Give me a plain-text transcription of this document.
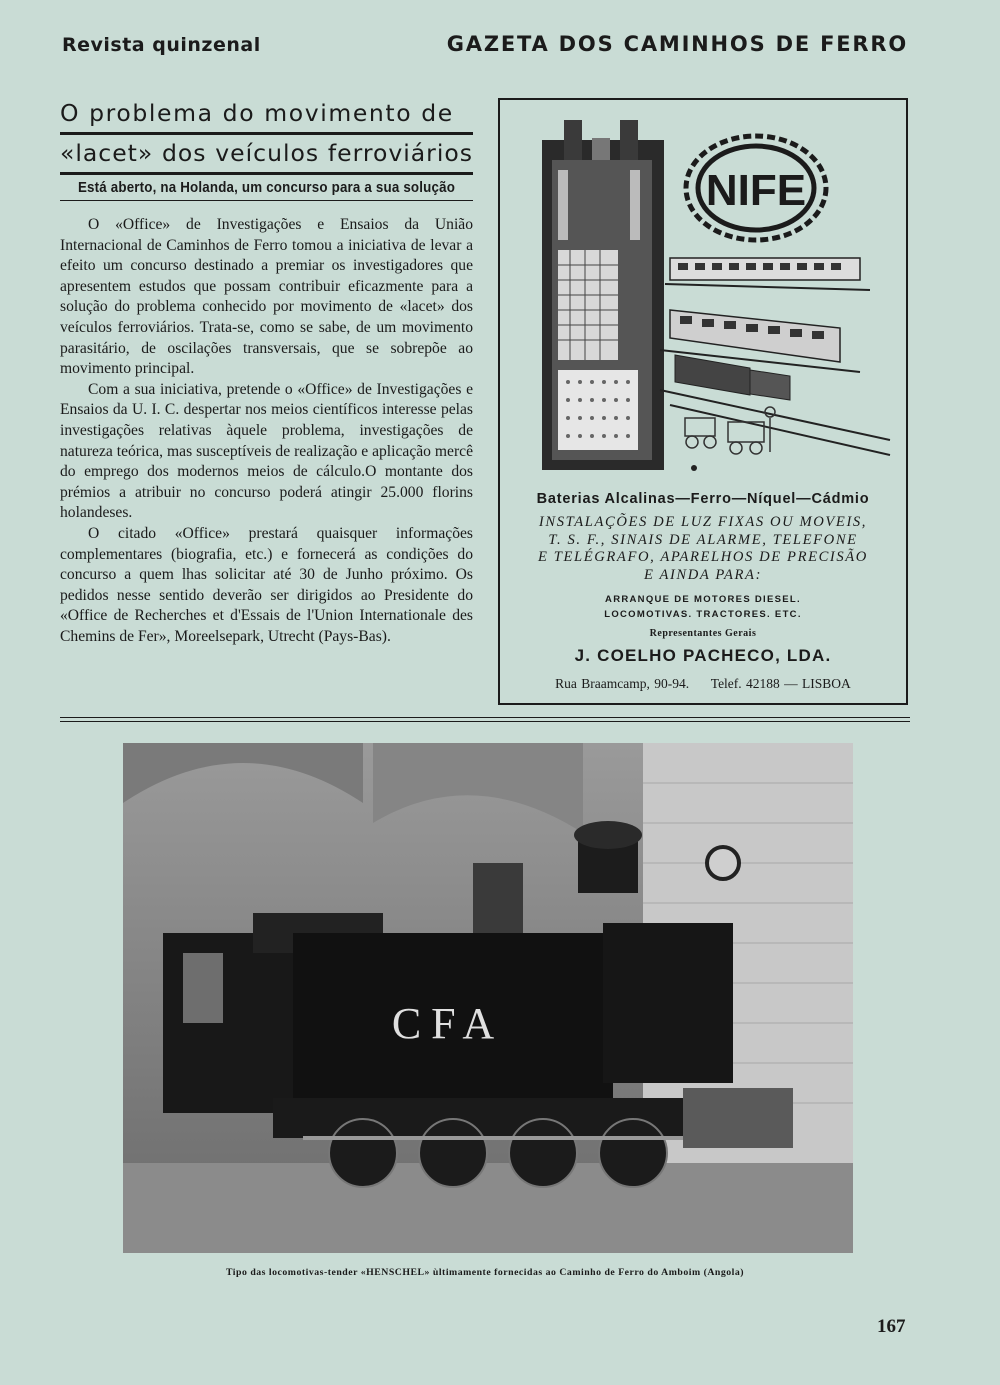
Revista quinzenal	GAZETA DOS CAMINHOS DE FERRO
O problema do movimento de
«lacet» dos veículos ferroviários
Está aberto, na Holanda, um concurso para a sua solução

O «Office» de Investigações e Ensaios da União Internacional de Caminhos de Ferro tomou a iniciativa de levar a efeito um concurso destinado a premiar os investigadores que apresentem estudos que possam contribuir eficazmente para a solução do problema conhecido por movimento de «lacet» dos veículos ferroviários. Trata-se, como se sabe, de um movimento parasitário, de oscilações transversais, que se sobrepõe ao movimento principal.

Com a sua iniciativa, pretende o «Office» de Investigações e Ensaios da U. I. C. despertar nos meios científicos interesse pelas investigações relativas àquele problema, investigações de natureza teórica, mas susceptíveis de realização e aplicação mercê do emprego dos modernos meios de cálculo.O montante dos prémios a atribuir no concurso poderá atingir 25.000 florins holandeses.

O citado «Office» prestará quaisquer informações complementares (biografia, etc.) e fornecerá as condições do concurso a quem lhas solicitar até 30 de Junho próximo. Os pedidos nesse sentido deverão ser dirigidos ao Presidente do «Office de Recherches et d'Essais de l'Union Internationale des Chemins de Fer», Moreelsepark, Utrecht (Pays-Bas).

NIFE
Baterias Alcalinas—Ferro—Níquel—Cádmio
INSTALAÇÕES DE LUZ FIXAS OU MOVEIS,
T. S. F., SINAIS DE ALARME, TELEFONE
E TELÉGRAFO, APARELHOS DE PRECISÃO
E AINDA PARA:
ARRANQUE DE MOTORES DIESEL.
LOCOMOTIVAS. TRACTORES. ETC.
Representantes Gerais
J. COELHO PACHECO, LDA.
Rua Braamcamp, 90-94.     Telef. 42188 — LISBOA
CFA
Tipo das locomotivas-tender «HENSCHEL» ùltimamente fornecidas ao Caminho de Ferro do Amboim (Angola)
167
